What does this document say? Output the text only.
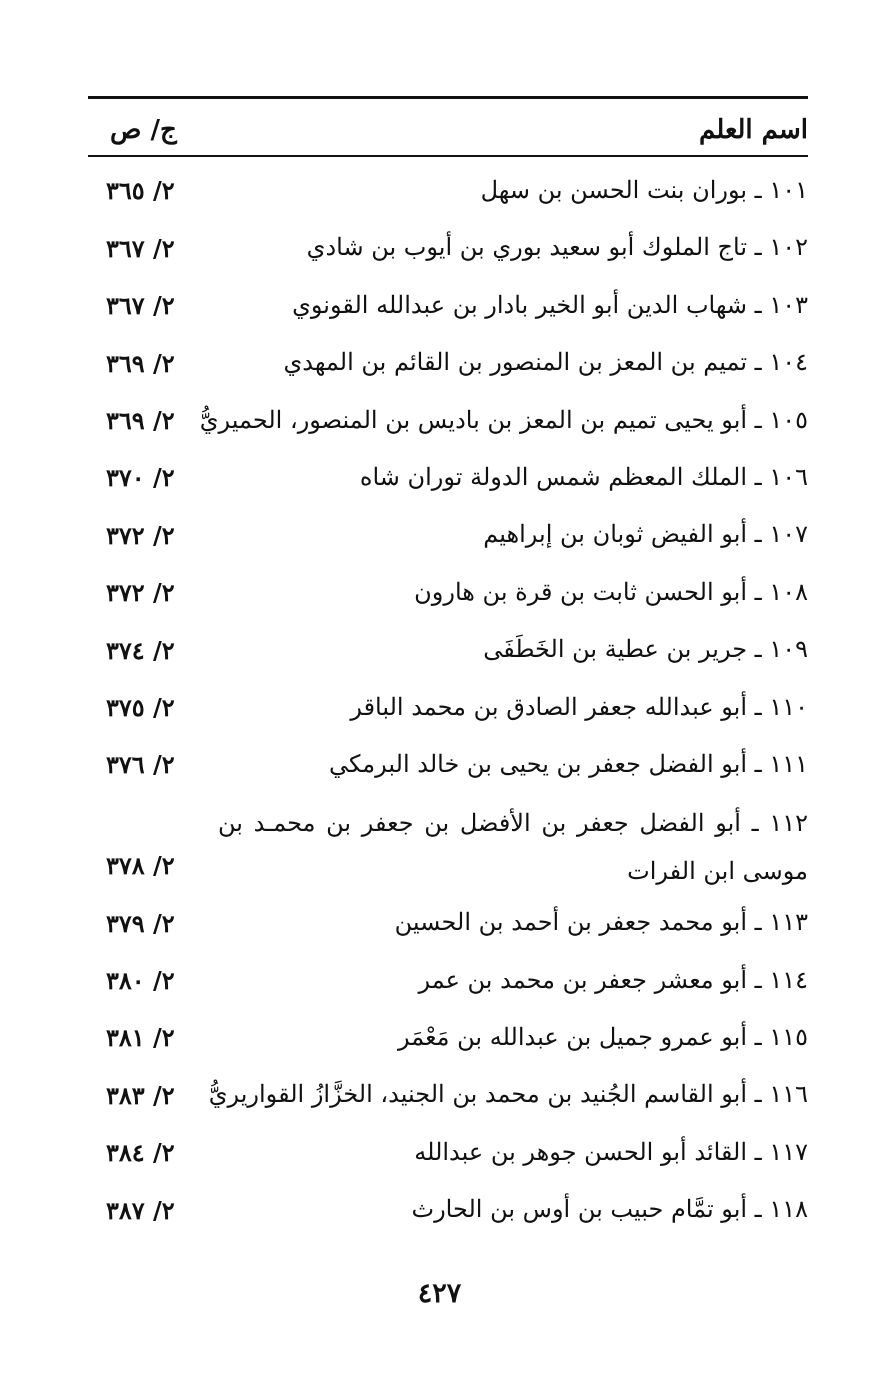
اسم العلم
ج/ ص
١٠١ ـ بوران بنت الحسن بن سهل
٢/ ٣٦٥
١٠٢ ـ تاج الملوك أبو سعيد بوري بن أيوب بن شادي
٢/ ٣٦٧
١٠٣ ـ شهاب الدين أبو الخير بادار بن عبدالله القونوي
٢/ ٣٦٧
١٠٤ ـ تميم بن المعز بن المنصور بن القائم بن المهدي
٢/ ٣٦٩
١٠٥ ـ أبو يحيى تميم بن المعز بن باديس بن المنصور، الحميريُّ
٢/ ٣٦٩
١٠٦ ـ الملك المعظم شمس الدولة توران شاه
٢/ ٣٧٠
١٠٧ ـ أبو الفيض ثوبان بن إبراهيم
٢/ ٣٧٢
١٠٨ ـ أبو الحسن ثابت بن قرة بن هارون
٢/ ٣٧٢
١٠٩ ـ جرير بن عطية بن الخَطَفَى
٢/ ٣٧٤
١١٠ ـ أبو عبدالله جعفر الصادق بن محمد الباقر
٢/ ٣٧٥
١١١ ـ أبو الفضل جعفر بن يحيى بن خالد البرمكي
٢/ ٣٧٦
١١٢ ـ أبو الفضل جعفر بن الأفضل بن جعفر بن محمـد بن موسى ابن الفرات
٢/ ٣٧٨
١١٣ ـ أبو محمد جعفر بن أحمد بن الحسين
٢/ ٣٧٩
١١٤ ـ أبو معشر جعفر بن محمد بن عمر
٢/ ٣٨٠
١١٥ ـ أبو عمرو جميل بن عبدالله بن مَعْمَر
٢/ ٣٨١
١١٦ ـ أبو القاسم الجُنيد بن محمد بن الجنيد، الخزَّازُ القواريريُّ
٢/ ٣٨٣
١١٧ ـ القائد أبو الحسن جوهر بن عبدالله
٢/ ٣٨٤
١١٨ ـ أبو تمَّام حبيب بن أوس بن الحارث
٢/ ٣٨٧
٤٢٧
